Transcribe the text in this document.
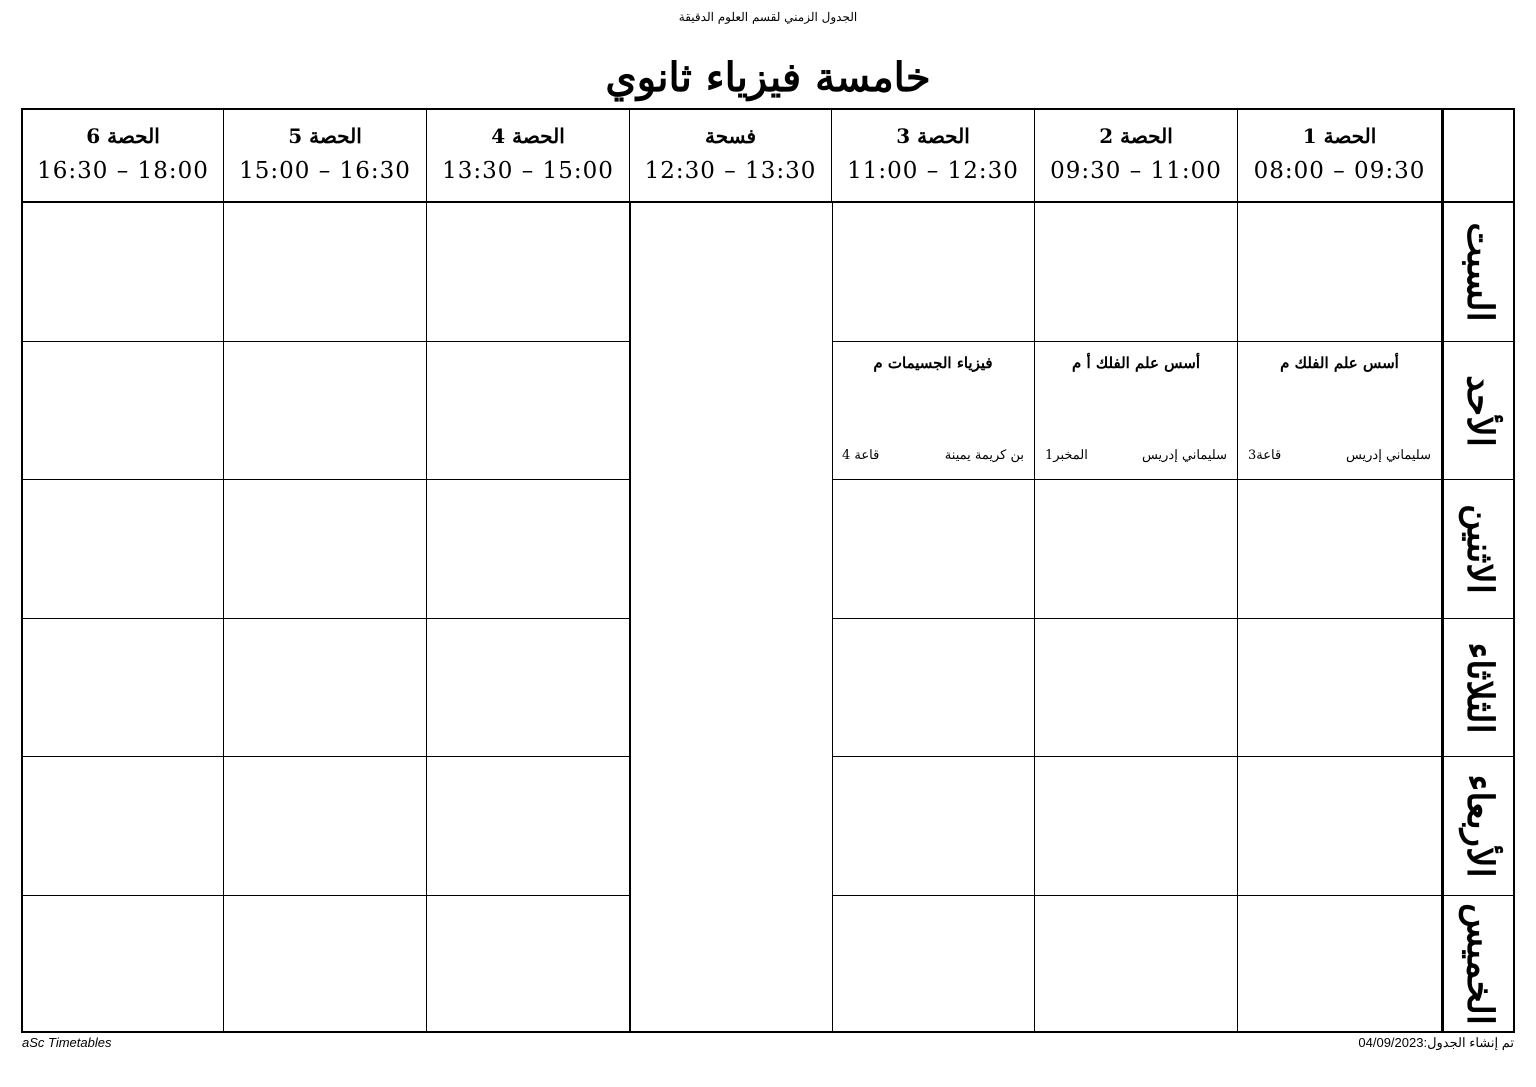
الجدول الزمني لقسم العلوم الدقيقة
خامسة فيزياء ثانوي
الحصة 1
08:00 – 09:30
الحصة 2
09:30 – 11:00
الحصة 3
11:00 – 12:30
فسحة
12:30 – 13:30
الحصة 4
13:30 – 15:00
الحصة 5
15:00 – 16:30
الحصة 6
16:30 – 18:00
السبت
الأحد
الاثنين
الثلاثاء
الأربعاء
الخميس
أسس علم الفلك م
سليماني إدريس
قاعة3
أسس علم الفلك أ م
سليماني إدريس
المخبر1
فيزياء الجسيمات م
بن كريمة يمينة
قاعة 4
aSc Timetables	تم إنشاء الجدول:04/09/2023
